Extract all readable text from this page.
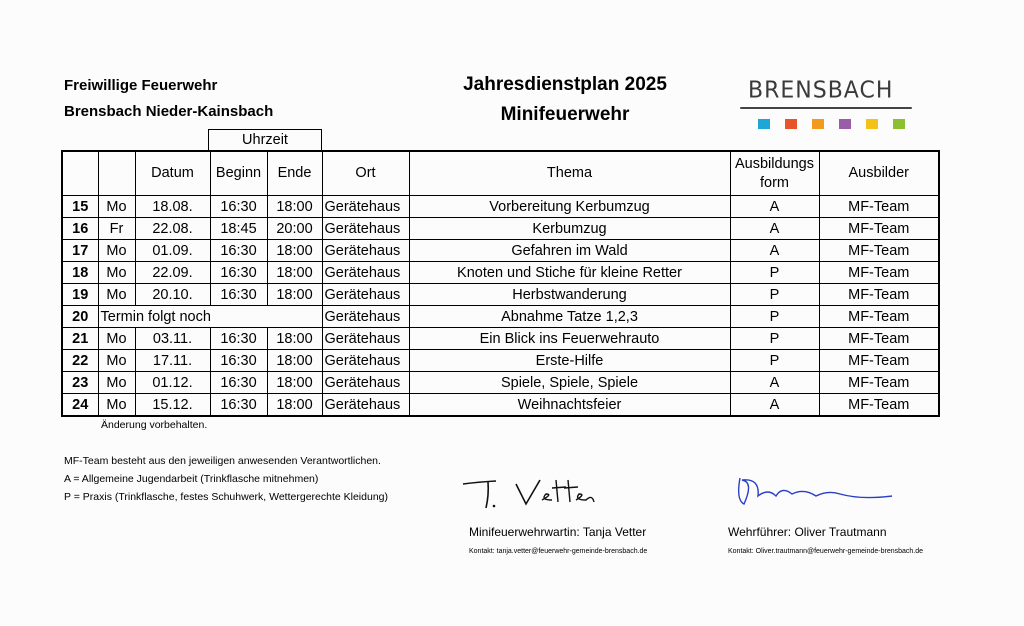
Freiwillige Feuerwehr
Brensbach Nieder-Kainsbach
Jahresdienstplan 2025
Minifeuerwehr
BRENSBACH
Uhrzeit
		Datum	Beginn	Ende	Ort	Thema	Ausbildungs
form	Ausbilder
15	Mo	18.08.	16:30	18:00	Gerätehaus	Vorbereitung Kerbumzug	A	MF-Team
16	Fr	22.08.	18:45	20:00	Gerätehaus	Kerbumzug	A	MF-Team
17	Mo	01.09.	16:30	18:00	Gerätehaus	Gefahren im Wald	A	MF-Team
18	Mo	22.09.	16:30	18:00	Gerätehaus	Knoten und Stiche für kleine Retter	P	MF-Team
19	Mo	20.10.	16:30	18:00	Gerätehaus	Herbstwanderung	P	MF-Team
20	Termin folgt noch				Gerätehaus	Abnahme Tatze 1,2,3	P	MF-Team
21	Mo	03.11.	16:30	18:00	Gerätehaus	Ein Blick ins Feuerwehrauto	P	MF-Team
22	Mo	17.11.	16:30	18:00	Gerätehaus	Erste-Hilfe	P	MF-Team
23	Mo	01.12.	16:30	18:00	Gerätehaus	Spiele, Spiele, Spiele	A	MF-Team
24	Mo	15.12.	16:30	18:00	Gerätehaus	Weihnachtsfeier	A	MF-Team
Änderung vorbehalten.
MF-Team besteht aus den jeweiligen anwesenden Verantwortlichen.
A = Allgemeine Jugendarbeit (Trinkflasche mitnehmen)
P = Praxis (Trinkflasche, festes Schuhwerk, Wettergerechte Kleidung)
Minifeuerwehrwartin: Tanja Vetter
Kontakt: tanja.vetter@feuerwehr-gemeinde-brensbach.de
Wehrführer: Oliver Trautmann
Kontakt: Oliver.trautmann@feuerwehr-gemeinde-brensbach.de
